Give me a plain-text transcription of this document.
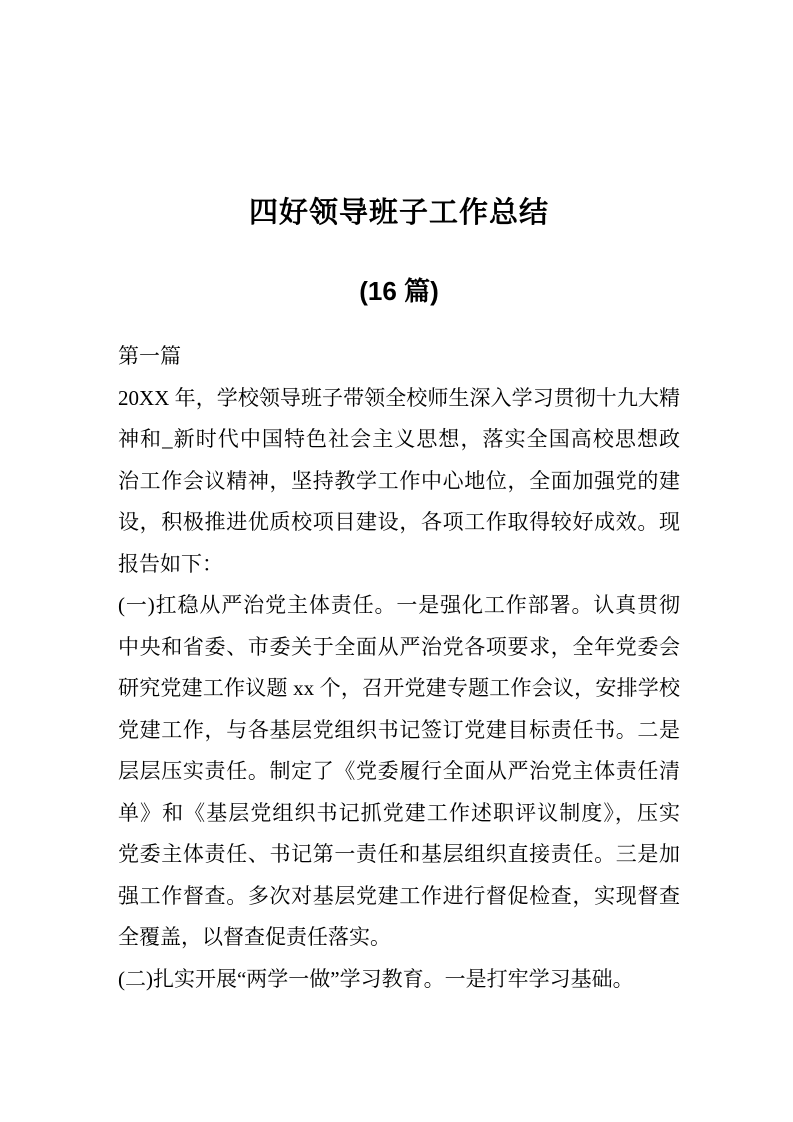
四好领导班子工作总结
(16 篇)
第一篇
20XX 年，学校领导班子带领全校师生深入学习贯彻十九大精
神和_新时代中国特色社会主义思想，落实全国高校思想政
治工作会议精神，坚持教学工作中心地位，全面加强党的建
设，积极推进优质校项目建设，各项工作取得较好成效。现
报告如下：
(一)扛稳从严治党主体责任。一是强化工作部署。认真贯彻
中央和省委、市委关于全面从严治党各项要求，全年党委会
研究党建工作议题 xx 个，召开党建专题工作会议，安排学校
党建工作，与各基层党组织书记签订党建目标责任书。二是
层层压实责任。制定了《党委履行全面从严治党主体责任清
单》和《基层党组织书记抓党建工作述职评议制度》，压实
党委主体责任、书记第一责任和基层组织直接责任。三是加
强工作督查。多次对基层党建工作进行督促检查，实现督查
全覆盖，以督查促责任落实。
(二)扎实开展“两学一做”学习教育。一是打牢学习基础。
